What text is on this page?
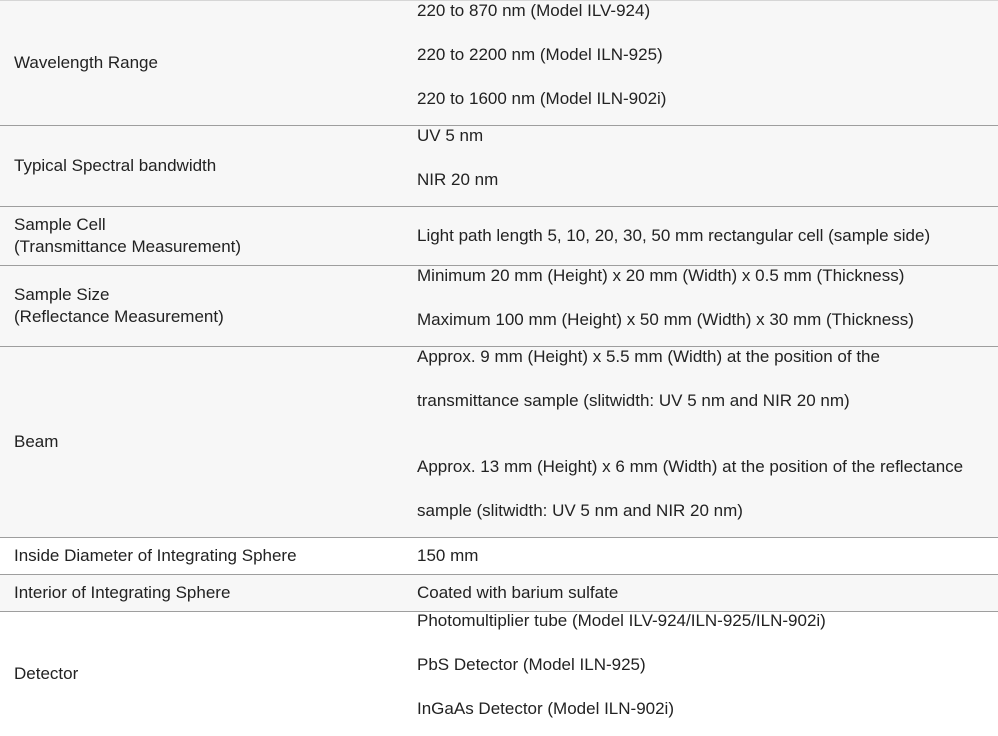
Wavelength Range	220 to 870 nm (Model ILV-924)
220 to 2200 nm (Model ILN-925)
220 to 1600 nm (Model ILN-902i)

Typical Spectral bandwidth	UV 5 nm
NIR 20 nm

Sample Cell
(Transmittance Measurement)	Light path length 5, 10, 20, 30, 50 mm rectangular cell (sample side)

Sample Size
(Reflectance Measurement)	Minimum 20 mm (Height) x 20 mm (Width) x 0.5 mm (Thickness)
Maximum 100 mm (Height) x 50 mm (Width) x 30 mm (Thickness)

Beam	Approx. 9 mm (Height) x 5.5 mm (Width) at the position of the
transmittance sample (slitwidth: UV 5 nm and NIR 20 nm)
Approx. 13 mm (Height) x 6 mm (Width) at the position of the reflectance
sample (slitwidth: UV 5 nm and NIR 20 nm)

Inside Diameter of Integrating Sphere	150 mm

Interior of Integrating Sphere	Coated with barium sulfate

Detector	Photomultiplier tube (Model ILV-924/ILN-925/ILN-902i)
PbS Detector (Model ILN-925)
InGaAs Detector (Model ILN-902i)
